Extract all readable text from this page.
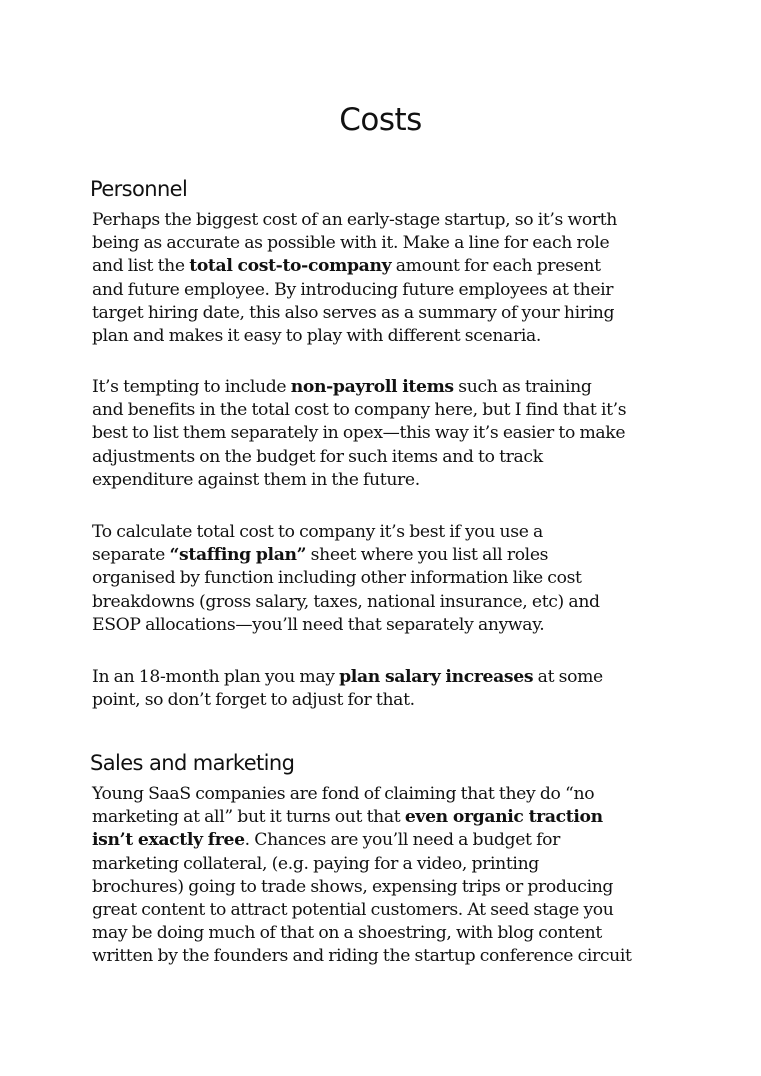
Costs
Personnel
Perhaps the biggest cost of an early-stage startup, so it’s worth
being as accurate as possible with it. Make a line for each role
and list the total cost-to-company amount for each present
and future employee. By introducing future employees at their
target hiring date, this also serves as a summary of your hiring
plan and makes it easy to play with different scenaria.
It’s tempting to include non-payroll items such as training
and benefits in the total cost to company here, but I find that it’s
best to list them separately in opex—this way it’s easier to make
adjustments on the budget for such items and to track
expenditure against them in the future.
To calculate total cost to company it’s best if you use a
separate “staffing plan” sheet where you list all roles
organised by function including other information like cost
breakdowns (gross salary, taxes, national insurance, etc) and
ESOP allocations—you’ll need that separately anyway.
In an 18-month plan you may plan salary increases at some
point, so don’t forget to adjust for that.
Sales and marketing
Young SaaS companies are fond of claiming that they do “no
marketing at all” but it turns out that even organic traction
isn’t exactly free. Chances are you’ll need a budget for
marketing collateral, (e.g. paying for a video, printing
brochures) going to trade shows, expensing trips or producing
great content to attract potential customers. At seed stage you
may be doing much of that on a shoestring, with blog content
written by the founders and riding the startup conference circuit
